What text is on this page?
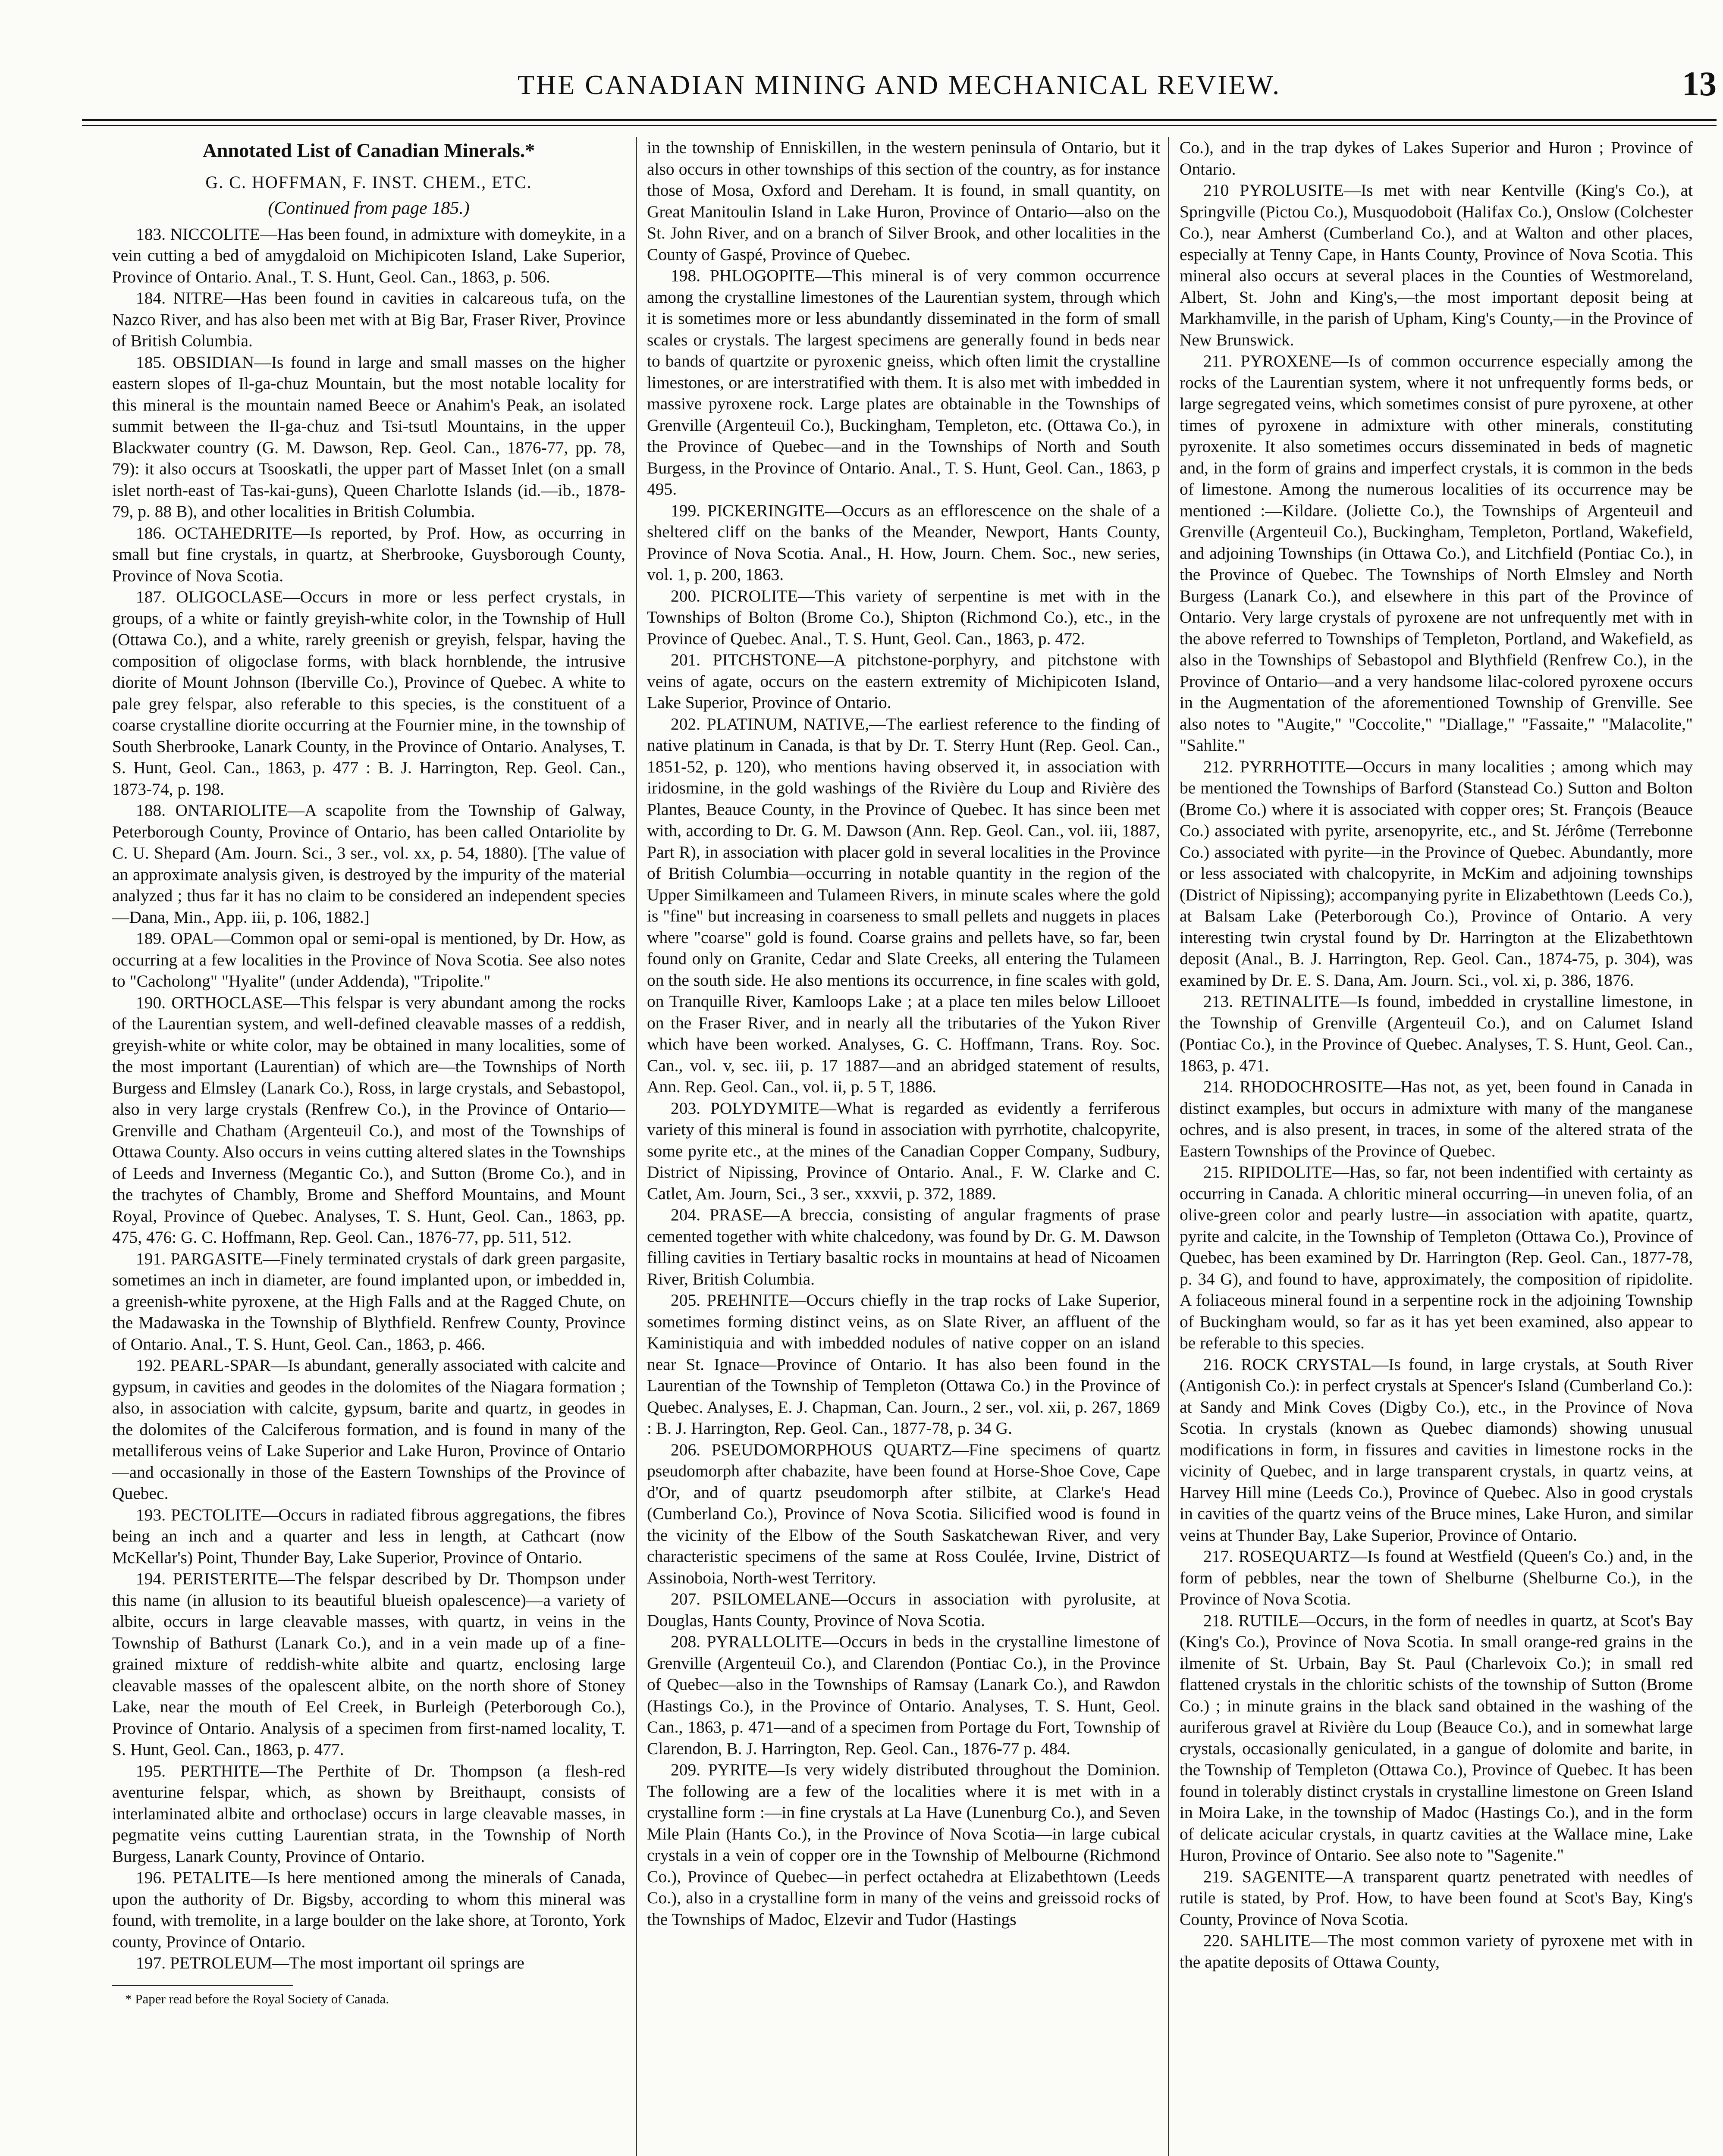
THE CANADIAN MINING AND MECHANICAL REVIEW.	13
Annotated List of Canadian Minerals.*
G. C. HOFFMAN, F. INST. CHEM., ETC.
(Continued from page 185.)

183. NICCOLITE—Has been found, in admixture with domeykite, in a vein cutting a bed of amygdaloid on Michipicoten Island, Lake Superior, Province of Ontario. Anal., T. S. Hunt, Geol. Can., 1863, p. 506.

184. NITRE—Has been found in cavities in calcareous tufa, on the Nazco River, and has also been met with at Big Bar, Fraser River, Province of British Columbia.

185. OBSIDIAN—Is found in large and small masses on the higher eastern slopes of Il-ga-chuz Mountain, but the most notable locality for this mineral is the mountain named Beece or Anahim's Peak, an isolated summit between the Il-ga-chuz and Tsi-tsutl Mountains, in the upper Blackwater country (G. M. Dawson, Rep. Geol. Can., 1876-77, pp. 78, 79): it also occurs at Tsooskatli, the upper part of Masset Inlet (on a small islet north-east of Tas-kai-guns), Queen Charlotte Islands (id.—ib., 1878-79, p. 88 B), and other localities in British Columbia.

186. OCTAHEDRITE—Is reported, by Prof. How, as occurring in small but fine crystals, in quartz, at Sherbrooke, Guysborough County, Province of Nova Scotia.

187. OLIGOCLASE—Occurs in more or less perfect crystals, in groups, of a white or faintly greyish-white color, in the Township of Hull (Ottawa Co.), and a white, rarely greenish or greyish, felspar, having the composition of oligoclase forms, with black hornblende, the intrusive diorite of Mount Johnson (Iberville Co.), Province of Quebec. A white to pale grey felspar, also referable to this species, is the constituent of a coarse crystalline diorite occurring at the Fournier mine, in the township of South Sherbrooke, Lanark County, in the Province of Ontario. Analyses, T. S. Hunt, Geol. Can., 1863, p. 477 : B. J. Harrington, Rep. Geol. Can., 1873-74, p. 198.

188. ONTARIOLITE—A scapolite from the Township of Galway, Peterborough County, Province of Ontario, has been called Ontariolite by C. U. Shepard (Am. Journ. Sci., 3 ser., vol. xx, p. 54, 1880). [The value of an approximate analysis given, is destroyed by the impurity of the material analyzed ; thus far it has no claim to be considered an independent species—Dana, Min., App. iii, p. 106, 1882.]

189. OPAL—Common opal or semi-opal is mentioned, by Dr. How, as occurring at a few localities in the Province of Nova Scotia. See also notes to "Cacholong" "Hyalite" (under Addenda), "Tripolite."

190. ORTHOCLASE—This felspar is very abundant among the rocks of the Laurentian system, and well-defined cleavable masses of a reddish, greyish-white or white color, may be obtained in many localities, some of the most important (Laurentian) of which are—the Townships of North Burgess and Elmsley (Lanark Co.), Ross, in large crystals, and Sebastopol, also in very large crystals (Renfrew Co.), in the Province of Ontario—Grenville and Chatham (Argenteuil Co.), and most of the Townships of Ottawa County. Also occurs in veins cutting altered slates in the Townships of Leeds and Inverness (Megantic Co.), and Sutton (Brome Co.), and in the trachytes of Chambly, Brome and Shefford Mountains, and Mount Royal, Province of Quebec. Analyses, T. S. Hunt, Geol. Can., 1863, pp. 475, 476: G. C. Hoffmann, Rep. Geol. Can., 1876-77, pp. 511, 512.

191. PARGASITE—Finely terminated crystals of dark green pargasite, sometimes an inch in diameter, are found implanted upon, or imbedded in, a greenish-white pyroxene, at the High Falls and at the Ragged Chute, on the Madawaska in the Township of Blythfield. Renfrew County, Province of Ontario. Anal., T. S. Hunt, Geol. Can., 1863, p. 466.

192. PEARL-SPAR—Is abundant, generally associated with calcite and gypsum, in cavities and geodes in the dolomites of the Niagara formation ; also, in association with calcite, gypsum, barite and quartz, in geodes in the dolomites of the Calciferous formation, and is found in many of the metalliferous veins of Lake Superior and Lake Huron, Province of Ontario—and occasionally in those of the Eastern Townships of the Province of Quebec.

193. PECTOLITE—Occurs in radiated fibrous aggregations, the fibres being an inch and a quarter and less in length, at Cathcart (now McKellar's) Point, Thunder Bay, Lake Superior, Province of Ontario.

194. PERISTERITE—The felspar described by Dr. Thompson under this name (in allusion to its beautiful blueish opalescence)—a variety of albite, occurs in large cleavable masses, with quartz, in veins in the Township of Bathurst (Lanark Co.), and in a vein made up of a fine-grained mixture of reddish-white albite and quartz, enclosing large cleavable masses of the opalescent albite, on the north shore of Stoney Lake, near the mouth of Eel Creek, in Burleigh (Peterborough Co.), Province of Ontario. Analysis of a specimen from first-named locality, T. S. Hunt, Geol. Can., 1863, p. 477.

195. PERTHITE—The Perthite of Dr. Thompson (a flesh-red aventurine felspar, which, as shown by Breithaupt, consists of interlaminated albite and orthoclase) occurs in large cleavable masses, in pegmatite veins cutting Laurentian strata, in the Township of North Burgess, Lanark County, Province of Ontario.

196. PETALITE—Is here mentioned among the minerals of Canada, upon the authority of Dr. Bigsby, according to whom this mineral was found, with tremolite, in a large boulder on the lake shore, at Toronto, York county, Province of Ontario.

197. PETROLEUM—The most important oil springs are

* Paper read before the Royal Society of Canada.

in the township of Enniskillen, in the western peninsula of Ontario, but it also occurs in other townships of this section of the country, as for instance those of Mosa, Oxford and Dereham. It is found, in small quantity, on Great Manitoulin Island in Lake Huron, Province of Ontario—also on the St. John River, and on a branch of Silver Brook, and other localities in the County of Gaspé, Province of Quebec.

198. PHLOGOPITE—This mineral is of very common occurrence among the crystalline limestones of the Laurentian system, through which it is sometimes more or less abundantly disseminated in the form of small scales or crystals. The largest specimens are generally found in beds near to bands of quartzite or pyroxenic gneiss, which often limit the crystalline limestones, or are interstratified with them. It is also met with imbedded in massive pyroxene rock. Large plates are obtainable in the Townships of Grenville (Argenteuil Co.), Buckingham, Templeton, etc. (Ottawa Co.), in the Province of Quebec—and in the Townships of North and South Burgess, in the Province of Ontario. Anal., T. S. Hunt, Geol. Can., 1863, p 495.

199. PICKERINGITE—Occurs as an efflorescence on the shale of a sheltered cliff on the banks of the Meander, Newport, Hants County, Province of Nova Scotia. Anal., H. How, Journ. Chem. Soc., new series, vol. 1, p. 200, 1863.

200. PICROLITE—This variety of serpentine is met with in the Townships of Bolton (Brome Co.), Shipton (Richmond Co.), etc., in the Province of Quebec. Anal., T. S. Hunt, Geol. Can., 1863, p. 472.

201. PITCHSTONE—A pitchstone-porphyry, and pitchstone with veins of agate, occurs on the eastern extremity of Michipicoten Island, Lake Superior, Province of Ontario.

202. PLATINUM, NATIVE,—The earliest reference to the finding of native platinum in Canada, is that by Dr. T. Sterry Hunt (Rep. Geol. Can., 1851-52, p. 120), who mentions having observed it, in association with iridosmine, in the gold washings of the Rivière du Loup and Rivière des Plantes, Beauce County, in the Province of Quebec. It has since been met with, according to Dr. G. M. Dawson (Ann. Rep. Geol. Can., vol. iii, 1887, Part R), in association with placer gold in several localities in the Province of British Columbia—occurring in notable quantity in the region of the Upper Similkameen and Tulameen Rivers, in minute scales where the gold is "fine" but increasing in coarseness to small pellets and nuggets in places where "coarse" gold is found. Coarse grains and pellets have, so far, been found only on Granite, Cedar and Slate Creeks, all entering the Tulameen on the south side. He also mentions its occurrence, in fine scales with gold, on Tranquille River, Kamloops Lake ; at a place ten miles below Lillooet on the Fraser River, and in nearly all the tributaries of the Yukon River which have been worked. Analyses, G. C. Hoffmann, Trans. Roy. Soc. Can., vol. v, sec. iii, p. 17 1887—and an abridged statement of results, Ann. Rep. Geol. Can., vol. ii, p. 5 T, 1886.

203. POLYDYMITE—What is regarded as evidently a ferriferous variety of this mineral is found in association with pyrrhotite, chalcopyrite, some pyrite etc., at the mines of the Canadian Copper Company, Sudbury, District of Nipissing, Province of Ontario. Anal., F. W. Clarke and C. Catlet, Am. Journ, Sci., 3 ser., xxxvii, p. 372, 1889.

204. PRASE—A breccia, consisting of angular fragments of prase cemented together with white chalcedony, was found by Dr. G. M. Dawson filling cavities in Tertiary basaltic rocks in mountains at head of Nicoamen River, British Columbia.

205. PREHNITE—Occurs chiefly in the trap rocks of Lake Superior, sometimes forming distinct veins, as on Slate River, an affluent of the Kaministiquia and with imbedded nodules of native copper on an island near St. Ignace—Province of Ontario. It has also been found in the Laurentian of the Township of Templeton (Ottawa Co.) in the Province of Quebec. Analyses, E. J. Chapman, Can. Journ., 2 ser., vol. xii, p. 267, 1869 : B. J. Harrington, Rep. Geol. Can., 1877-78, p. 34 G.

206. PSEUDOMORPHOUS QUARTZ—Fine specimens of quartz pseudomorph after chabazite, have been found at Horse-Shoe Cove, Cape d'Or, and of quartz pseudomorph after stilbite, at Clarke's Head (Cumberland Co.), Province of Nova Scotia. Silicified wood is found in the vicinity of the Elbow of the South Saskatchewan River, and very characteristic specimens of the same at Ross Coulée, Irvine, District of Assinoboia, North-west Territory.

207. PSILOMELANE—Occurs in association with pyrolusite, at Douglas, Hants County, Province of Nova Scotia.

208. PYRALLOLITE—Occurs in beds in the crystalline limestone of Grenville (Argenteuil Co.), and Clarendon (Pontiac Co.), in the Province of Quebec—also in the Townships of Ramsay (Lanark Co.), and Rawdon (Hastings Co.), in the Province of Ontario. Analyses, T. S. Hunt, Geol. Can., 1863, p. 471—and of a specimen from Portage du Fort, Township of Clarendon, B. J. Harrington, Rep. Geol. Can., 1876-77 p. 484.

209. PYRITE—Is very widely distributed throughout the Dominion. The following are a few of the localities where it is met with in a crystalline form :—in fine crystals at La Have (Lunenburg Co.), and Seven Mile Plain (Hants Co.), in the Province of Nova Scotia—in large cubical crystals in a vein of copper ore in the Township of Melbourne (Richmond Co.), Province of Quebec—in perfect octahedra at Elizabethtown (Leeds Co.), also in a crystalline form in many of the veins and greissoid rocks of the Townships of Madoc, Elzevir and Tudor (Hastings

Co.), and in the trap dykes of Lakes Superior and Huron ; Province of Ontario.

210 PYROLUSITE—Is met with near Kentville (King's Co.), at Springville (Pictou Co.), Musquodoboit (Halifax Co.), Onslow (Colchester Co.), near Amherst (Cumberland Co.), and at Walton and other places, especially at Tenny Cape, in Hants County, Province of Nova Scotia. This mineral also occurs at several places in the Counties of Westmoreland, Albert, St. John and King's,—the most important deposit being at Markhamville, in the parish of Upham, King's County,—in the Province of New Brunswick.

211. PYROXENE—Is of common occurrence especially among the rocks of the Laurentian system, where it not unfrequently forms beds, or large segregated veins, which sometimes consist of pure pyroxene, at other times of pyroxene in admixture with other minerals, constituting pyroxenite. It also sometimes occurs disseminated in beds of magnetic and, in the form of grains and imperfect crystals, it is common in the beds of limestone. Among the numerous localities of its occurrence may be mentioned :—Kildare. (Joliette Co.), the Townships of Argenteuil and Grenville (Argenteuil Co.), Buckingham, Templeton, Portland, Wakefield, and adjoining Townships (in Ottawa Co.), and Litchfield (Pontiac Co.), in the Province of Quebec. The Townships of North Elmsley and North Burgess (Lanark Co.), and elsewhere in this part of the Province of Ontario. Very large crystals of pyroxene are not unfrequently met with in the above referred to Townships of Templeton, Portland, and Wakefield, as also in the Townships of Sebastopol and Blythfield (Renfrew Co.), in the Province of Ontario—and a very handsome lilac-colored pyroxene occurs in the Augmentation of the aforementioned Township of Grenville. See also notes to "Augite," "Coccolite," "Diallage," "Fassaite," "Malacolite," "Sahlite."

212. PYRRHOTITE—Occurs in many localities ; among which may be mentioned the Townships of Barford (Stanstead Co.) Sutton and Bolton (Brome Co.) where it is associated with copper ores; St. François (Beauce Co.) associated with pyrite, arsenopyrite, etc., and St. Jérôme (Terrebonne Co.) associated with pyrite—in the Province of Quebec. Abundantly, more or less associated with chalcopyrite, in McKim and adjoining townships (District of Nipissing); accompanying pyrite in Elizabethtown (Leeds Co.), at Balsam Lake (Peterborough Co.), Province of Ontario. A very interesting twin crystal found by Dr. Harrington at the Elizabethtown deposit (Anal., B. J. Harrington, Rep. Geol. Can., 1874-75, p. 304), was examined by Dr. E. S. Dana, Am. Journ. Sci., vol. xi, p. 386, 1876.

213. RETINALITE—Is found, imbedded in crystalline limestone, in the Township of Grenville (Argenteuil Co.), and on Calumet Island (Pontiac Co.), in the Province of Quebec. Analyses, T. S. Hunt, Geol. Can., 1863, p. 471.

214. RHODOCHROSITE—Has not, as yet, been found in Canada in distinct examples, but occurs in admixture with many of the manganese ochres, and is also present, in traces, in some of the altered strata of the Eastern Townships of the Province of Quebec.

215. RIPIDOLITE—Has, so far, not been indentified with certainty as occurring in Canada. A chloritic mineral occurring—in uneven folia, of an olive-green color and pearly lustre—in association with apatite, quartz, pyrite and calcite, in the Township of Templeton (Ottawa Co.), Province of Quebec, has been examined by Dr. Harrington (Rep. Geol. Can., 1877-78, p. 34 G), and found to have, approximately, the composition of ripidolite. A foliaceous mineral found in a serpentine rock in the adjoining Township of Buckingham would, so far as it has yet been examined, also appear to be referable to this species.

216. ROCK CRYSTAL—Is found, in large crystals, at South River (Antigonish Co.): in perfect crystals at Spencer's Island (Cumberland Co.): at Sandy and Mink Coves (Digby Co.), etc., in the Province of Nova Scotia. In crystals (known as Quebec diamonds) showing unusual modifications in form, in fissures and cavities in limestone rocks in the vicinity of Quebec, and in large transparent crystals, in quartz veins, at Harvey Hill mine (Leeds Co.), Province of Quebec. Also in good crystals in cavities of the quartz veins of the Bruce mines, Lake Huron, and similar veins at Thunder Bay, Lake Superior, Province of Ontario.

217. ROSEQUARTZ—Is found at Westfield (Queen's Co.) and, in the form of pebbles, near the town of Shelburne (Shelburne Co.), in the Province of Nova Scotia.

218. RUTILE—Occurs, in the form of needles in quartz, at Scot's Bay (King's Co.), Province of Nova Scotia. In small orange-red grains in the ilmenite of St. Urbain, Bay St. Paul (Charlevoix Co.); in small red flattened crystals in the chloritic schists of the township of Sutton (Brome Co.) ; in minute grains in the black sand obtained in the washing of the auriferous gravel at Rivière du Loup (Beauce Co.), and in somewhat large crystals, occasionally geniculated, in a gangue of dolomite and barite, in the Township of Templeton (Ottawa Co.), Province of Quebec. It has been found in tolerably distinct crystals in crystalline limestone on Green Island in Moira Lake, in the township of Madoc (Hastings Co.), and in the form of delicate acicular crystals, in quartz cavities at the Wallace mine, Lake Huron, Province of Ontario. See also note to "Sagenite."

219. SAGENITE—A transparent quartz penetrated with needles of rutile is stated, by Prof. How, to have been found at Scot's Bay, King's County, Province of Nova Scotia.

220. SAHLITE—The most common variety of pyroxene met with in the apatite deposits of Ottawa County,
